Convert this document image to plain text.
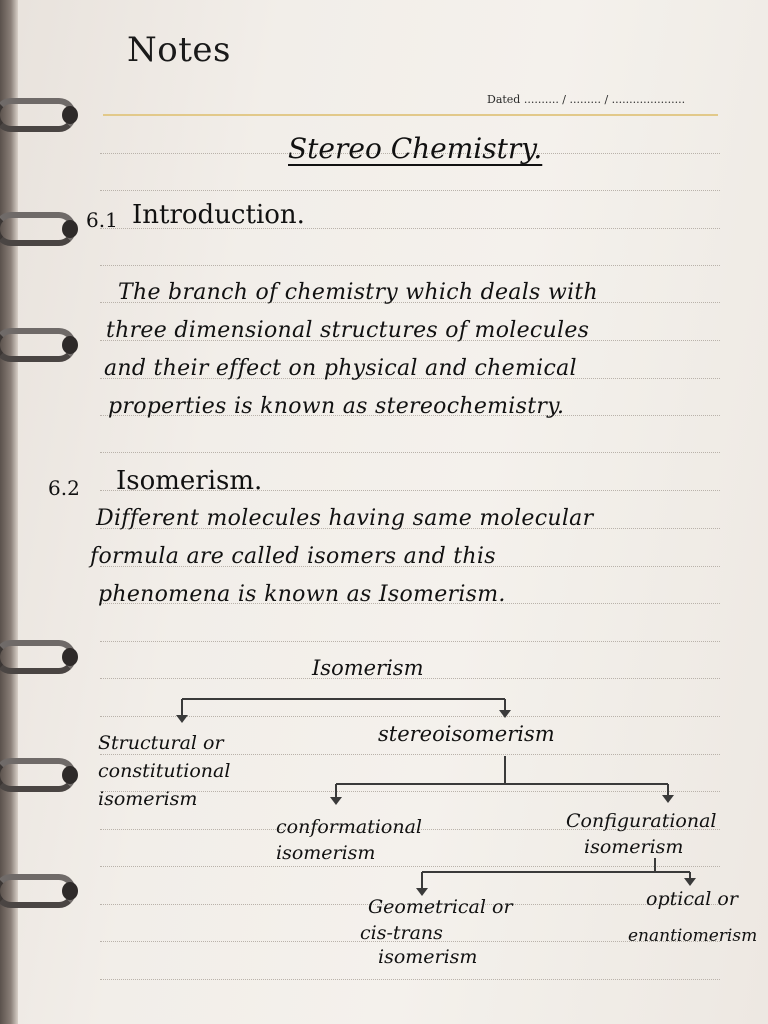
Notes
Dated .......... / ......... / .....................
Stereo Chemistry.
6.1 Introduction.
The branch of chemistry which deals with
three dimensional structures of molecules
and their effect on physical and chemical
properties is known as stereochemistry.
6.2 Isomerism.
Different molecules having same molecular
formula are called isomers and this
phenomena is known as Isomerism.
Isomerism
Structural or
constitutional
isomerism
stereoisomerism
conformational
isomerism
Configurational
isomerism
Geometrical or
cis-trans
isomerism
optical or
enantiomerism
